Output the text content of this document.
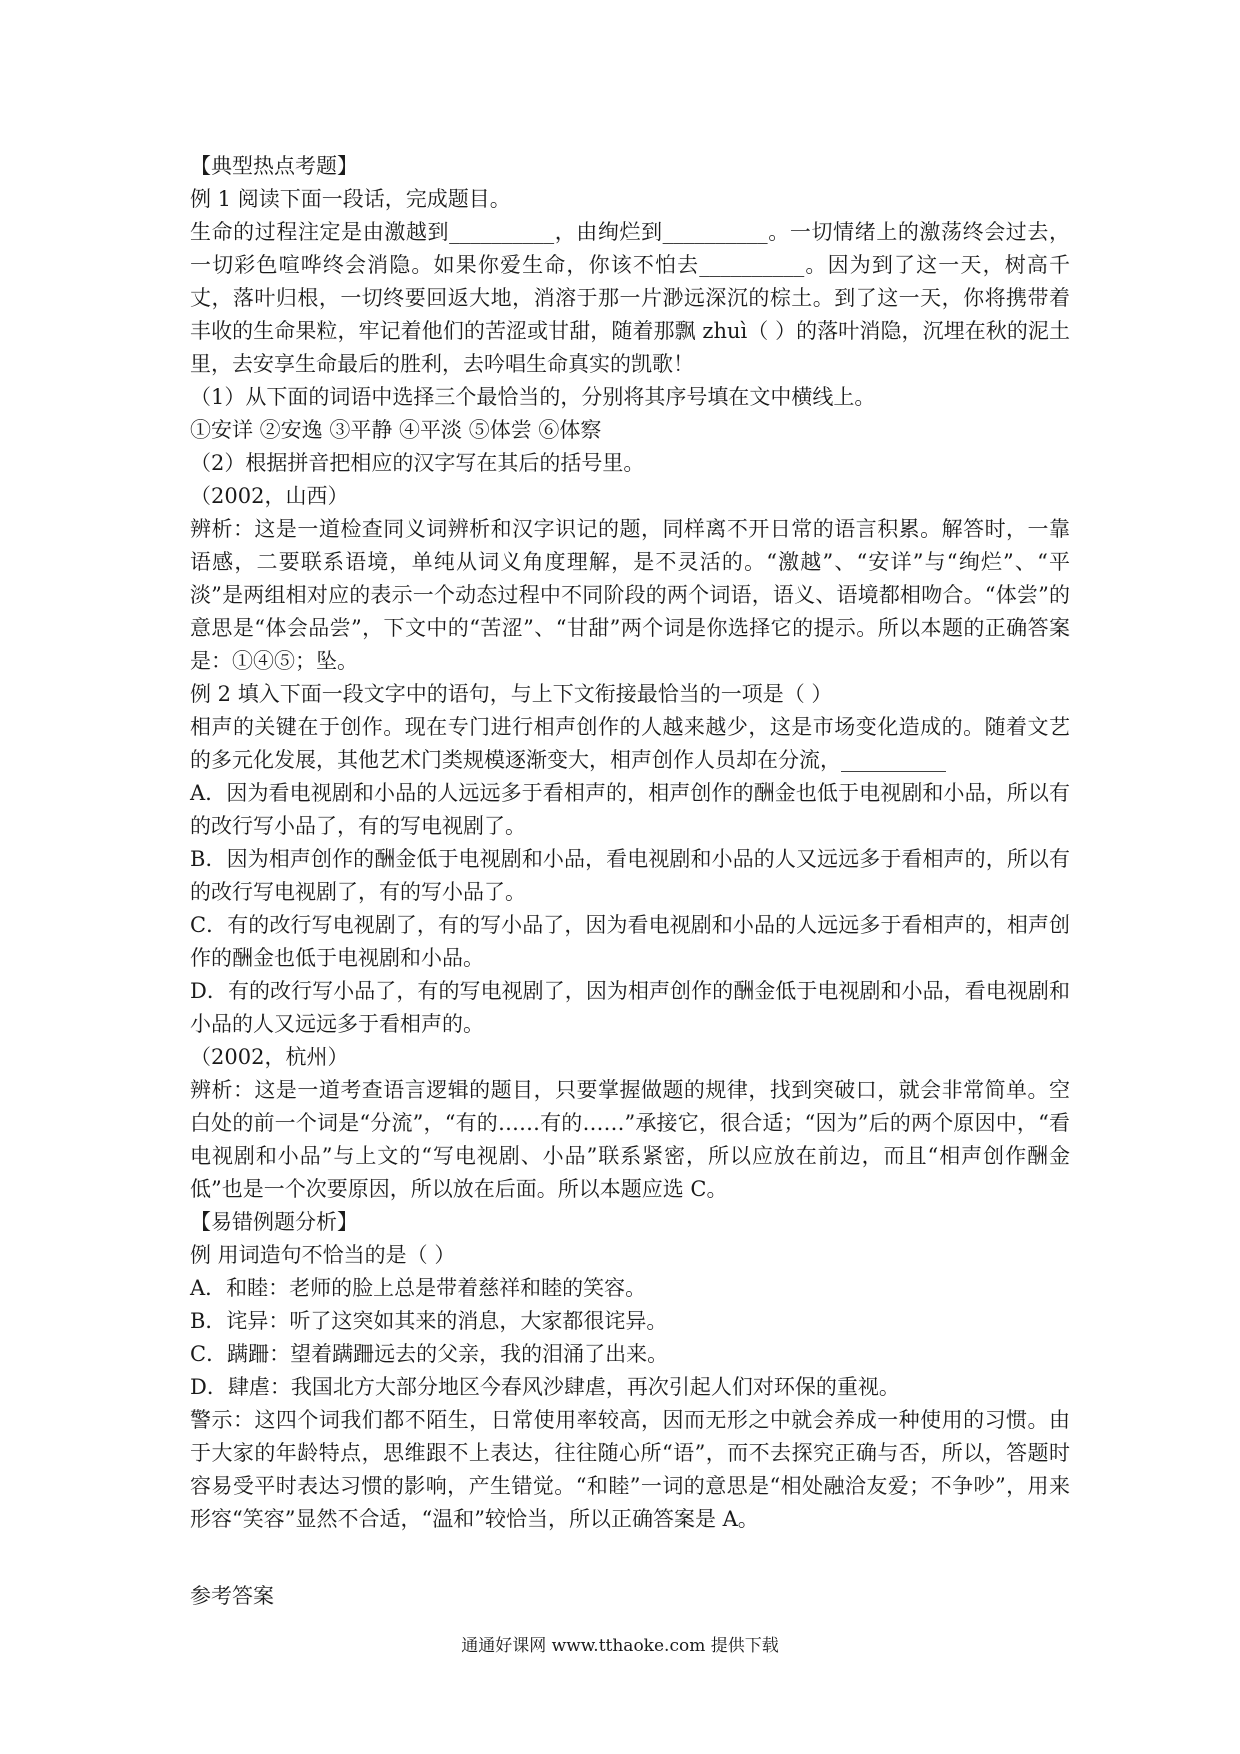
【典型热点考题】
例 1 阅读下面一段话，完成题目。

生命的过程注定是由激越到__________，由绚烂到__________。一切情绪上的激荡终会过去，一切彩色喧哗终会消隐。如果你爱生命，你该不怕去__________。因为到了这一天，树高千丈，落叶归根，一切终要回返大地，消溶于那一片渺远深沉的棕土。到了这一天，你将携带着丰收的生命果粒，牢记着他们的苦涩或甘甜，随着那飘 zhuì（ ）的落叶消隐，沉埋在秋的泥土里，去安享生命最后的胜利，去吟唱生命真实的凯歌！

（1）从下面的词语中选择三个最恰当的，分别将其序号填在文中横线上。
①安详 ②安逸 ③平静 ④平淡 ⑤体尝 ⑥体察
（2）根据拼音把相应的汉字写在其后的括号里。
（2002，山西）

辨析：这是一道检查同义词辨析和汉字识记的题，同样离不开日常的语言积累。解答时，一靠语感，二要联系语境，单纯从词义角度理解，是不灵活的。“激越”、“安详”与“绚烂”、“平淡”是两组相对应的表示一个动态过程中不同阶段的两个词语，语义、语境都相吻合。“体尝”的意思是“体会品尝”，下文中的“苦涩”、“甘甜”两个词是你选择它的提示。所以本题的正确答案是：①④⑤；坠。

例 2 填入下面一段文字中的语句，与上下文衔接最恰当的一项是（ ）

相声的关键在于创作。现在专门进行相声创作的人越来越少，这是市场变化造成的。随着文艺的多元化发展，其他艺术门类规模逐渐变大，相声创作人员却在分流，__________

A．因为看电视剧和小品的人远远多于看相声的，相声创作的酬金也低于电视剧和小品，所以有的改行写小品了，有的写电视剧了。

B．因为相声创作的酬金低于电视剧和小品，看电视剧和小品的人又远远多于看相声的，所以有的改行写电视剧了，有的写小品了。

C．有的改行写电视剧了，有的写小品了，因为看电视剧和小品的人远远多于看相声的，相声创作的酬金也低于电视剧和小品。

D．有的改行写小品了，有的写电视剧了，因为相声创作的酬金低于电视剧和小品，看电视剧和小品的人又远远多于看相声的。

（2002，杭州）

辨析：这是一道考查语言逻辑的题目，只要掌握做题的规律，找到突破口，就会非常简单。空白处的前一个词是“分流”，“有的……有的……”承接它，很合适；“因为”后的两个原因中，“看电视剧和小品”与上文的“写电视剧、小品”联系紧密，所以应放在前边，而且“相声创作酬金低”也是一个次要原因，所以放在后面。所以本题应选 C。

【易错例题分析】
例 用词造句不恰当的是（ ）
A．和睦：老师的脸上总是带着慈祥和睦的笑容。
B．诧异：听了这突如其来的消息，大家都很诧异。
C．蹒跚：望着蹒跚远去的父亲，我的泪涌了出来。
D．肆虐：我国北方大部分地区今春风沙肆虐，再次引起人们对环保的重视。

警示：这四个词我们都不陌生，日常使用率较高，因而无形之中就会养成一种使用的习惯。由于大家的年龄特点，思维跟不上表达，往往随心所“语”，而不去探究正确与否，所以，答题时容易受平时表达习惯的影响，产生错觉。“和睦”一词的意思是“相处融洽友爱；不争吵”，用来形容“笑容”显然不合适，“温和”较恰当，所以正确答案是 A。

参考答案
通通好课网 www.tthaoke.com 提供下载
